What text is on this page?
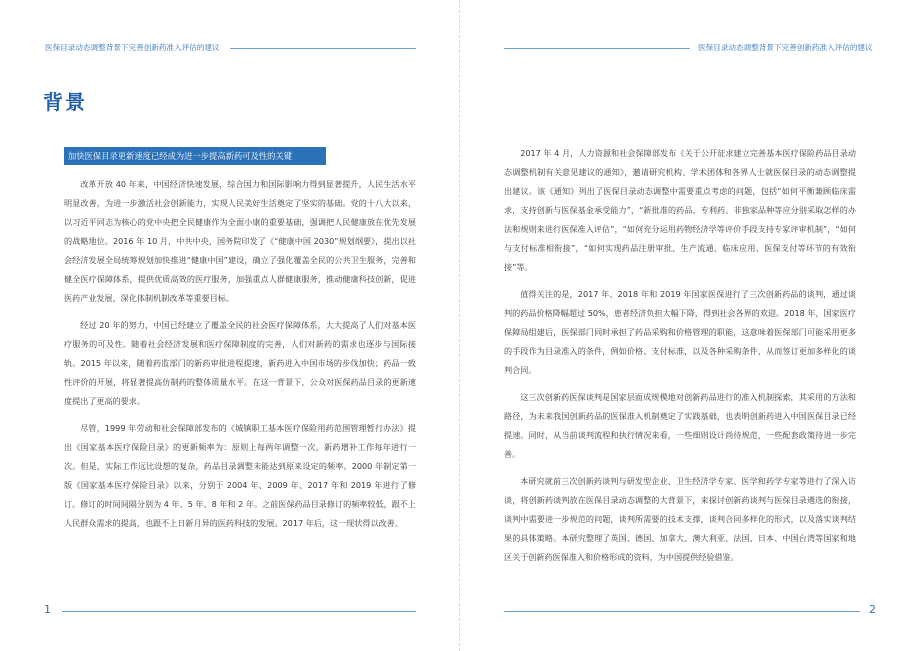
医保目录动态调整背景下完善创新药准入评估的建议
背景
加快医保目录更新速度已经成为进一步提高新药可及性的关键

改革开放 40 年来，中国经济快速发展，综合国力和国际影响力得到显著提升，人民生活水平明显改善，为进一步激活社会创新能力，实现人民美好生活奠定了坚实的基础。党的十八大以来，以习近平同志为核心的党中央把全民健康作为全面小康的重要基础，强调把人民健康放在优先发展的战略地位。2016 年 10 月，中共中央，国务院印发了《“健康中国 2030”规划纲要》，提出以社会经济发展全局统筹规划加快推进“健康中国”建设，确立了强化覆盖全民的公共卫生服务，完善和健全医疗保障体系，提供优质高效的医疗服务，加强重点人群健康服务，推动健康科技创新，促进医药产业发展，深化体制机制改革等重要目标。

经过 20 年的努力，中国已经建立了覆盖全民的社会医疗保障体系，大大提高了人们对基本医疗服务的可及性。随着社会经济发展和医疗保障制度的完善，人们对新药的需求也逐步与国际接轨。2015 年以来，随着药监部门的新药审批进程提速，新药进入中国市场的步伐加快；药品一致性评价的开展，将显著提高仿制药的整体质量水平。在这一背景下，公众对医保药品目录的更新速度提出了更高的要求。

尽管，1999 年劳动和社会保障部发布的《城镇职工基本医疗保险用药范围管理暂行办法》提出《国家基本医疗保险目录》的更新频率为：原则上每两年调整一次，新药增补工作每年进行一次。但是，实际工作远比设想的复杂，药品目录调整未能达到原来设定的频率。2000 年制定第一版《国家基本医疗保险目录》以来，分别于 2004 年、2009 年、2017 年和 2019 年进行了修订。修订的时间间隔分别为 4 年、5 年、8 年和 2 年。之前医保药品目录修订的频率较低，跟不上人民群众需求的提高，也跟不上日新月异的医药科技的发展。2017 年后，这一现状得以改善。

1
医保目录动态调整背景下完善创新药准入评估的建议

2017 年 4 月，人力资源和社会保障部发布《关于公开征求建立完善基本医疗保险药品目录动态调整机制有关意见建议的通知》，邀请研究机构、学术团体和各界人士就医保目录的动态调整提出建议。该《通知》列出了医保目录动态调整中需要重点考虑的问题，包括“如何平衡兼顾临床需求，支持创新与医保基金承受能力”，“新批准的药品、专利药、非独家品种等应分别采取怎样的办法和规则来进行医保准入评估”，“如何充分运用药物经济学等评价手段支持专家评审机制”，“如何与支付标准相衔接”，“如何实现药品注册审批、生产流通、临床应用、医保支付等环节的有效衔接”等。

值得关注的是，2017 年、2018 年和 2019 年国家医保进行了三次创新药品的谈判，通过谈判的药品价格降幅超过 50%，患者经济负担大幅下降，得到社会各界的欢迎。2018 年，国家医疗保障局组建后，医保部门同时承担了药品采购和价格管理的职能，这意味着医保部门可能采用更多的手段作为目录准入的条件，例如价格、支付标准，以及各种采购条件，从而签订更加多样化的谈判合同。

这三次创新药医保谈判是国家层面成规模地对创新药品进行的准入机制探索，其采用的方法和路径，为未来我国创新药品的医保准入机制奠定了实践基础，也表明创新药进入中国医保目录已经提速。同时，从当前谈判流程和执行情况来看，一些细则设计尚待规范，一些配套政策待进一步完善。

本研究就前三次创新药谈判与研发型企业、卫生经济学专家、医学和药学专家等进行了深入访谈，将创新药谈判放在医保目录动态调整的大背景下，来探讨创新药谈判与医保目录遴选的衔接，谈判中需要进一步规范的问题，谈判所需要的技术支撑，谈判合同多样化的形式，以及落实谈判结果的具体策略。本研究整理了英国、德国、加拿大、澳大利亚、法国、日本、中国台湾等国家和地区关于创新药医保准入和价格形成的资料，为中国提供经验借鉴。

2
